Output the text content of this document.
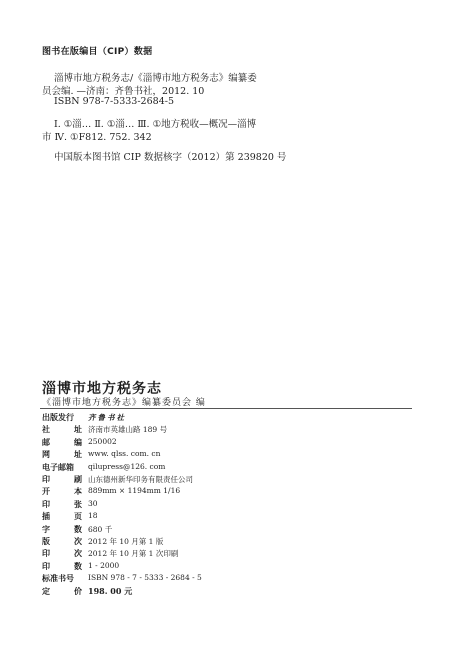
图书在版编目（CIP）数据
淄博市地方税务志/《淄博市地方税务志》编纂委
员会编. —济南：齐鲁书社，2012. 10
ISBN 978-7-5333-2684-5
Ⅰ. ①淄… Ⅱ. ①淄… Ⅲ. ①地方税收—概况—淄博
市 Ⅳ. ①F812. 752. 342
中国版本图书馆 CIP 数据核字（2012）第 239820 号
淄博市地方税务志
《淄博市地方税务志》编纂委员会 编
出版发行	齐鲁书社
社	址 济南市英雄山路 189 号
邮	编 250002
网	址 www. qlss. com. cn
电子邮箱	qilupress@126. com
印	刷 山东德州新华印务有限责任公司
开	本 889mm × 1194mm 1/16
印	张 30
插	页 18
字	数 680 千
版	次 2012 年 10 月第 1 版
印	次 2012 年 10 月第 1 次印刷
印	数 1 - 2000
标准书号	ISBN 978 - 7 - 5333 - 2684 - 5
定	价 198. 00 元
